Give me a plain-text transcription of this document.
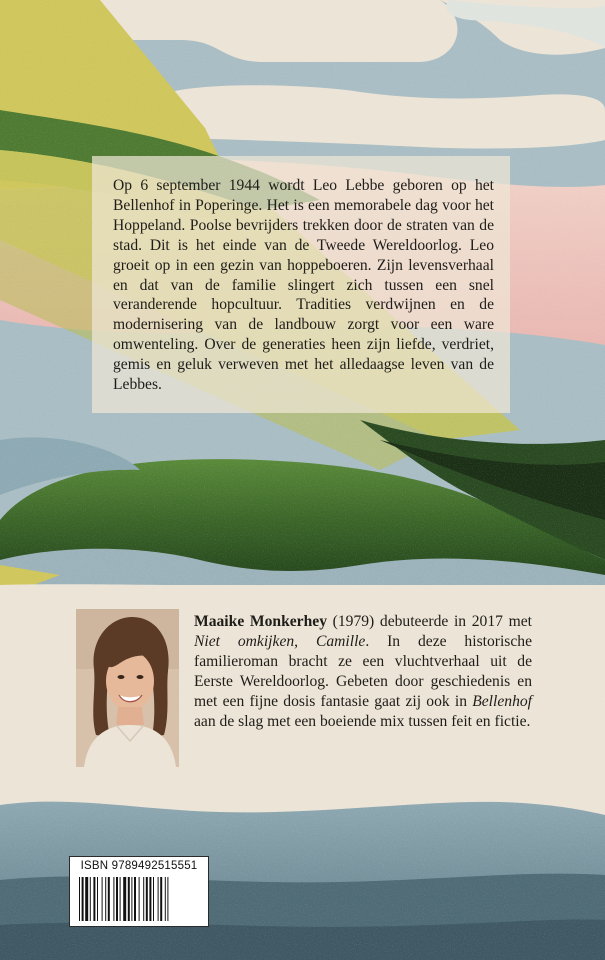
Op 6 september 1944 wordt Leo Lebbe geboren op het Bellenhof in Poperinge. Het is een memorabele dag voor het Hoppeland. Poolse bevrijders trekken door de straten van de stad. Dit is het einde van de Tweede Wereldoorlog. Leo groeit op in een gezin van hoppeboeren. Zijn levensverhaal en dat van de familie slingert zich tussen een snel veranderende hopcultuur. Tradities verdwijnen en de modernisering van de landbouw zorgt voor een ware omwenteling. Over de generaties heen zijn liefde, verdriet, gemis en geluk verweven met het alledaagse leven van de Lebbes.

Maaike Monkerhey (1979) debuteerde in 2017 met Niet omkijken, Camille. In deze historische familieroman bracht ze een vluchtverhaal uit de Eerste Wereldoorlog. Gebeten door geschiedenis en met een fijne dosis fantasie gaat zij ook in Bellenhof aan de slag met een boeiende mix tussen feit en fictie.

ISBN 9789492515551
